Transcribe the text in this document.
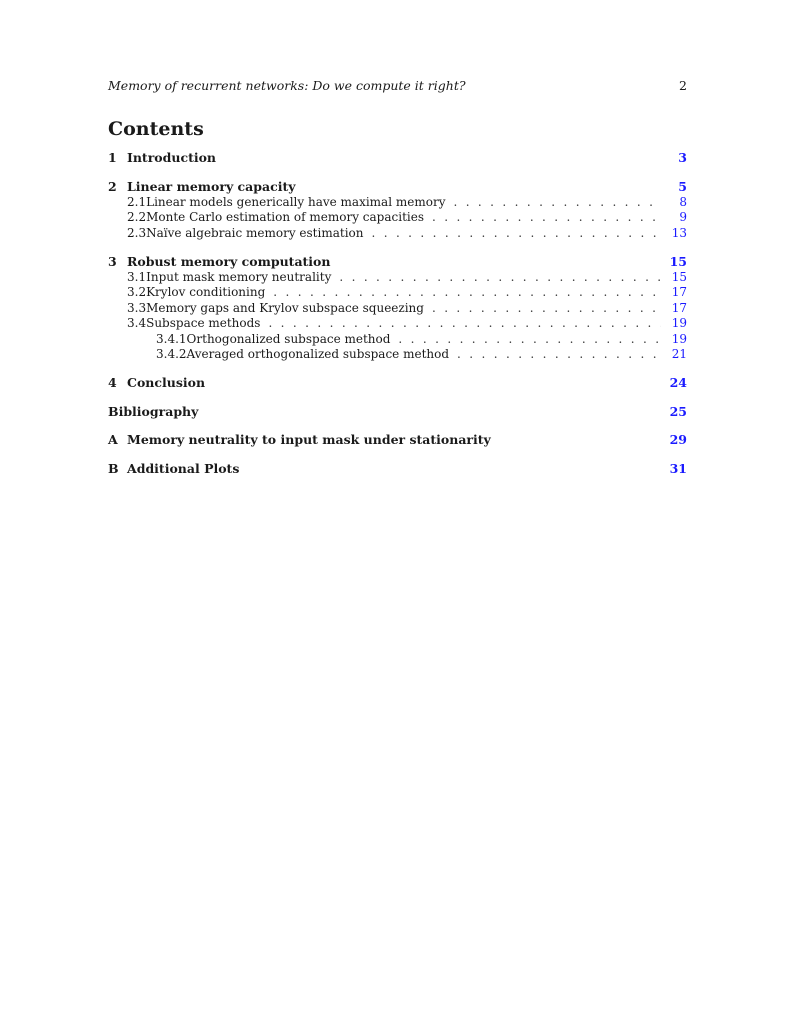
Memory of recurrent networks: Do we compute it right?	2
Contents
1 Introduction	3
2 Linear memory capacity	5
2.1 Linear models generically have maximal memory . . .	8
2.2 Monte Carlo estimation of memory capacities . . .	9
2.3 Naïve algebraic memory estimation . . .	13
3 Robust memory computation	15
3.1 Input mask memory neutrality . . .	15
3.2 Krylov conditioning . . .	17
3.3 Memory gaps and Krylov subspace squeezing . . .	17
3.4 Subspace methods . . .	19
3.4.1 Orthogonalized subspace method . . .	19
3.4.2 Averaged orthogonalized subspace method . . .	21
4 Conclusion	24
Bibliography	25
A Memory neutrality to input mask under stationarity	29
B Additional Plots	31
